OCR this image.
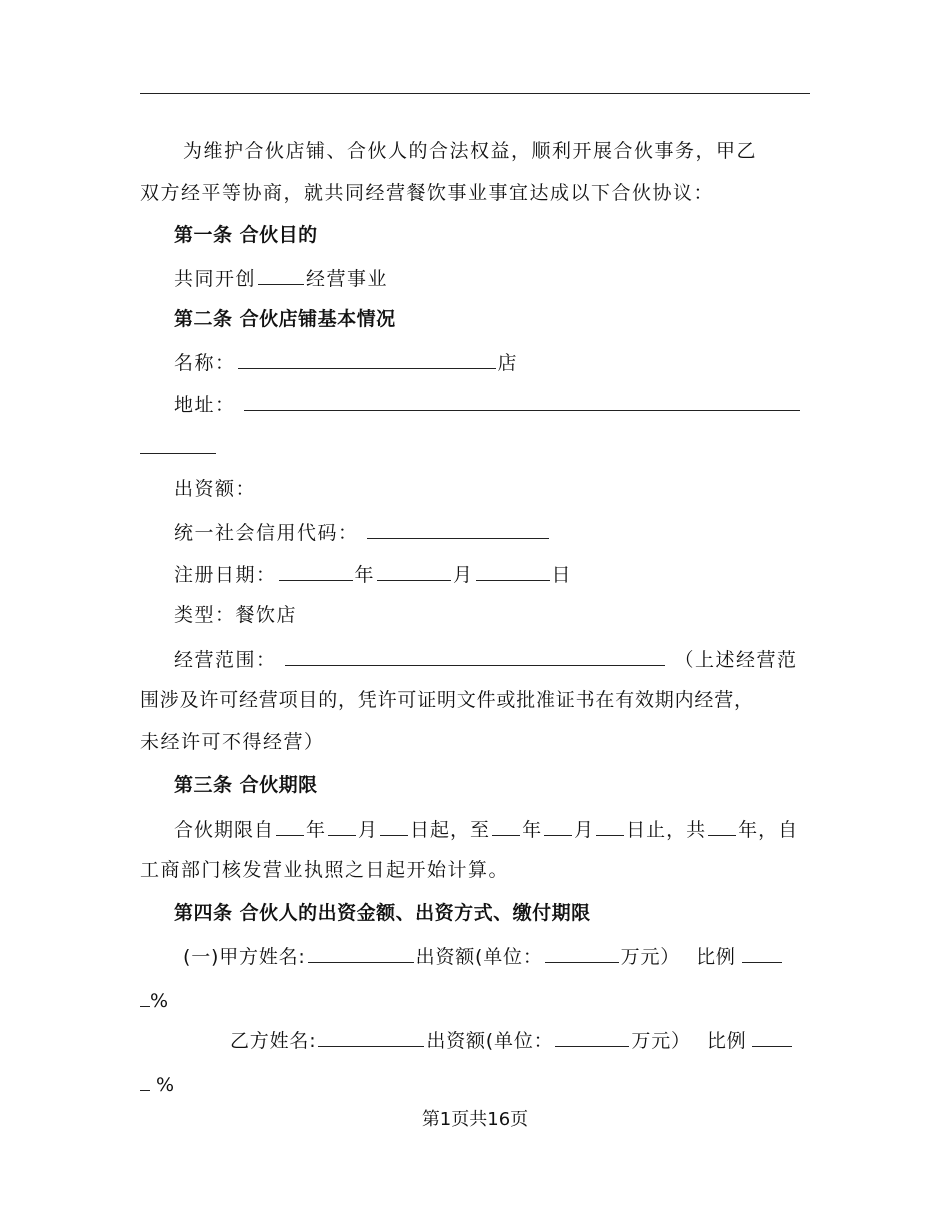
为维护合伙店铺、合伙人的合法权益，顺利开展合伙事务，甲乙
双方经平等协商，就共同经营餐饮事业事宜达成以下合伙协议：
第一条 合伙目的
共同开创	经营事业
第二条 合伙店铺基本情况
名称：	店
地址：
出资额：
统一社会信用代码：
注册日期：	年	月	日
类型：餐饮店
经营范围：	（上述经营范
围涉及许可经营项目的，凭许可证明文件或批准证书在有效期内经营，
未经许可不得经营）
第三条 合伙期限
合伙期限自 年 月 日起，至 年 月 日止，共 年，自
工商部门核发营业执照之日起开始计算。
第四条 合伙人的出资金额、出资方式、缴付期限
(一)甲方姓名:	出资额(单位：	万元） 比例
%
乙方姓名:	出资额(单位：	万元） 比例
%
第1页共16页
